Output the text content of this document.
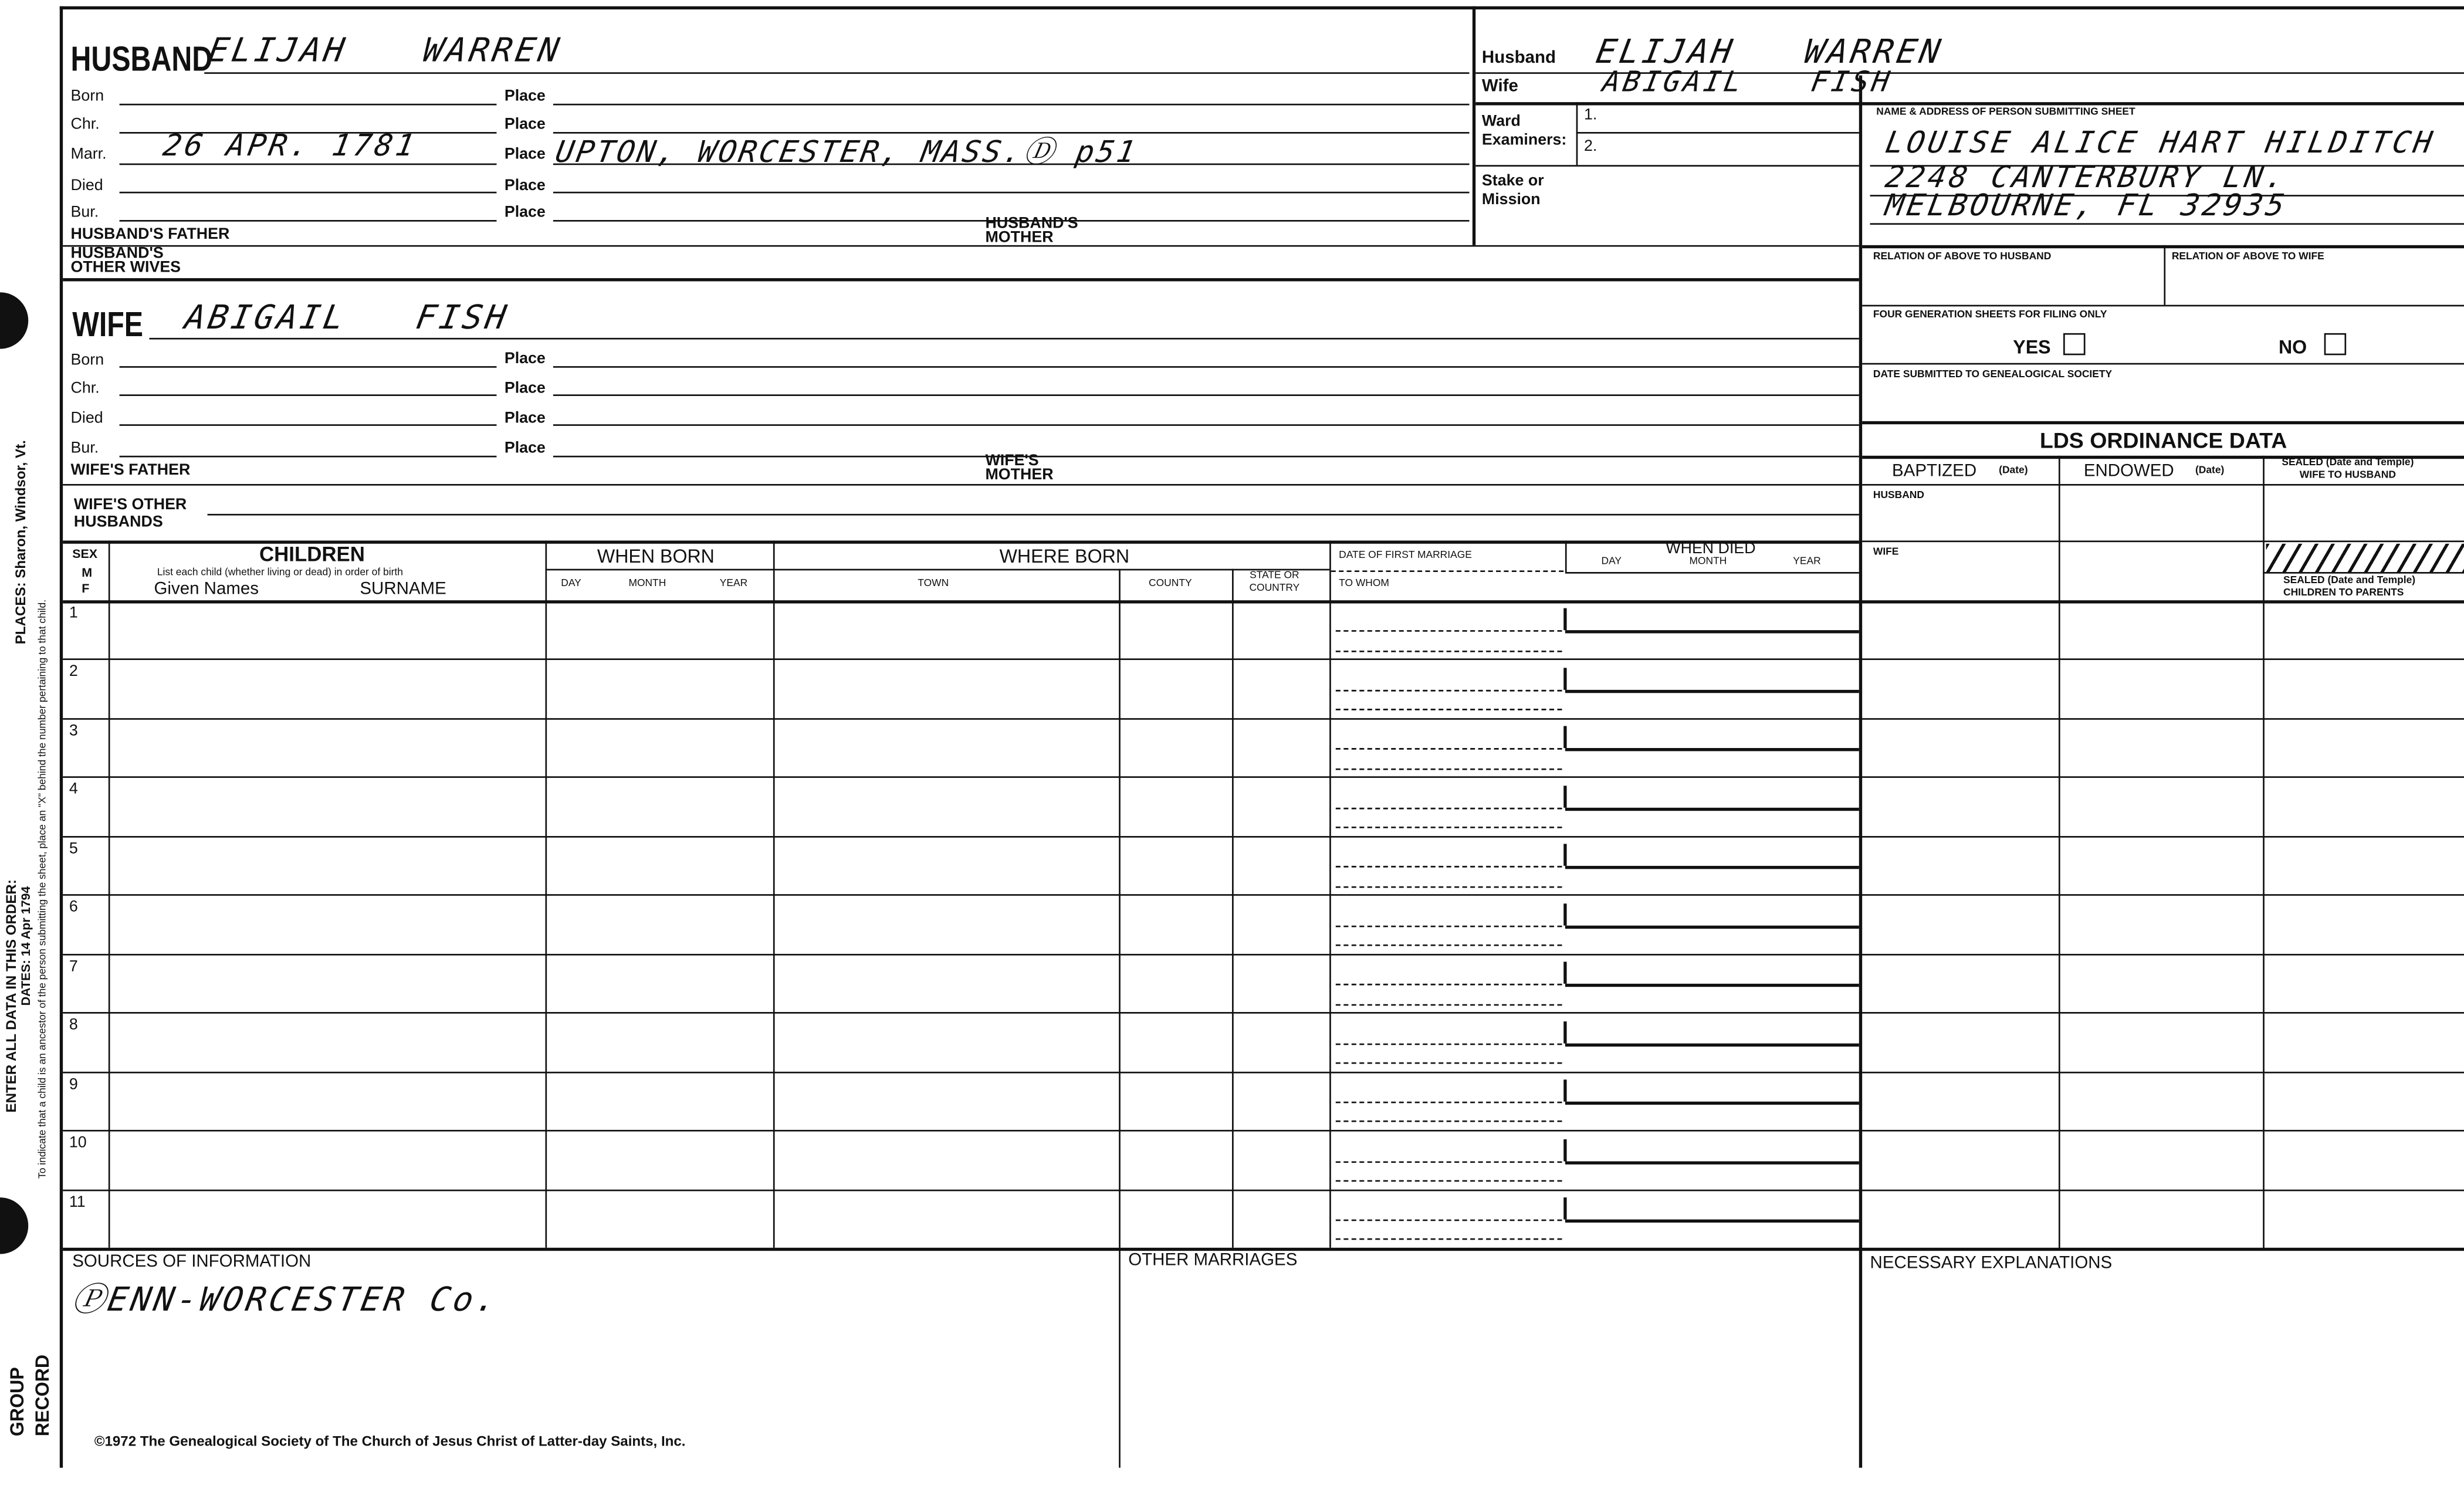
PLACES: Sharon, Windsor, Vt.
To indicate that a child is an ancestor of the person submitting the sheet, place an "X" behind the number pertaining to that child.
ENTER ALL DATA IN THIS ORDER: DATES: 14 Apr 1794
GROUP RECORD
HUSBAND
ELIJAH WARREN
Born	Place
Chr.	Place
Marr.	26 APR. 1781	Place UPTON, WORCESTER, MASS.Ⓓ p51
Died	Place
Bur.	Place
HUSBAND'S FATHER
HUSBAND'S
MOTHER
HUSBAND'S
OTHER WIVES
Husband	ELIJAH WARREN
Wife	ABIGAIL FISH
Ward
Examiners:
1.
2.
Stake or
Mission
NAME & ADDRESS OF PERSON SUBMITTING SHEET
LOUISE ALICE HART HILDITCH
2248 CANTERBURY LN.
MELBOURNE, FL 32935
RELATION OF ABOVE TO HUSBAND	RELATION OF ABOVE TO WIFE
FOUR GENERATION SHEETS FOR FILING ONLY
YES	NO
DATE SUBMITTED TO GENEALOGICAL SOCIETY
WIFE	ABIGAIL FISH
Born	Place
Chr.	Place
Died	Place
Bur.	Place
WIFE'S FATHER
WIFE'S
MOTHER
WIFE'S OTHER
HUSBANDS
LDS ORDINANCE DATA
BAPTIZED	(Date)	ENDOWED	(Date)
SEALED (Date and Temple)
WIFE TO HUSBAND
HUSBAND
WIFE
SEALED (Date and Temple)
CHILDREN TO PARENTS
SEX
M
F
CHILDREN
List each child (whether living or dead) in order of birth
Given Names	SURNAME
WHEN BORN
DAY	MONTH	YEAR
WHERE BORN
TOWN	COUNTY
STATE OR
COUNTRY
DATE OF FIRST MARRIAGE
TO WHOM
WHEN DIED
DAY	MONTH	YEAR
1
2
3
4
5
6
7
8
9
10
11
SOURCES OF INFORMATION
ⓅENN-WORCESTER Co.
OTHER MARRIAGES	NECESSARY EXPLANATIONS
©1972 The Genealogical Society of The Church of Jesus Christ of Latter-day Saints, Inc.
